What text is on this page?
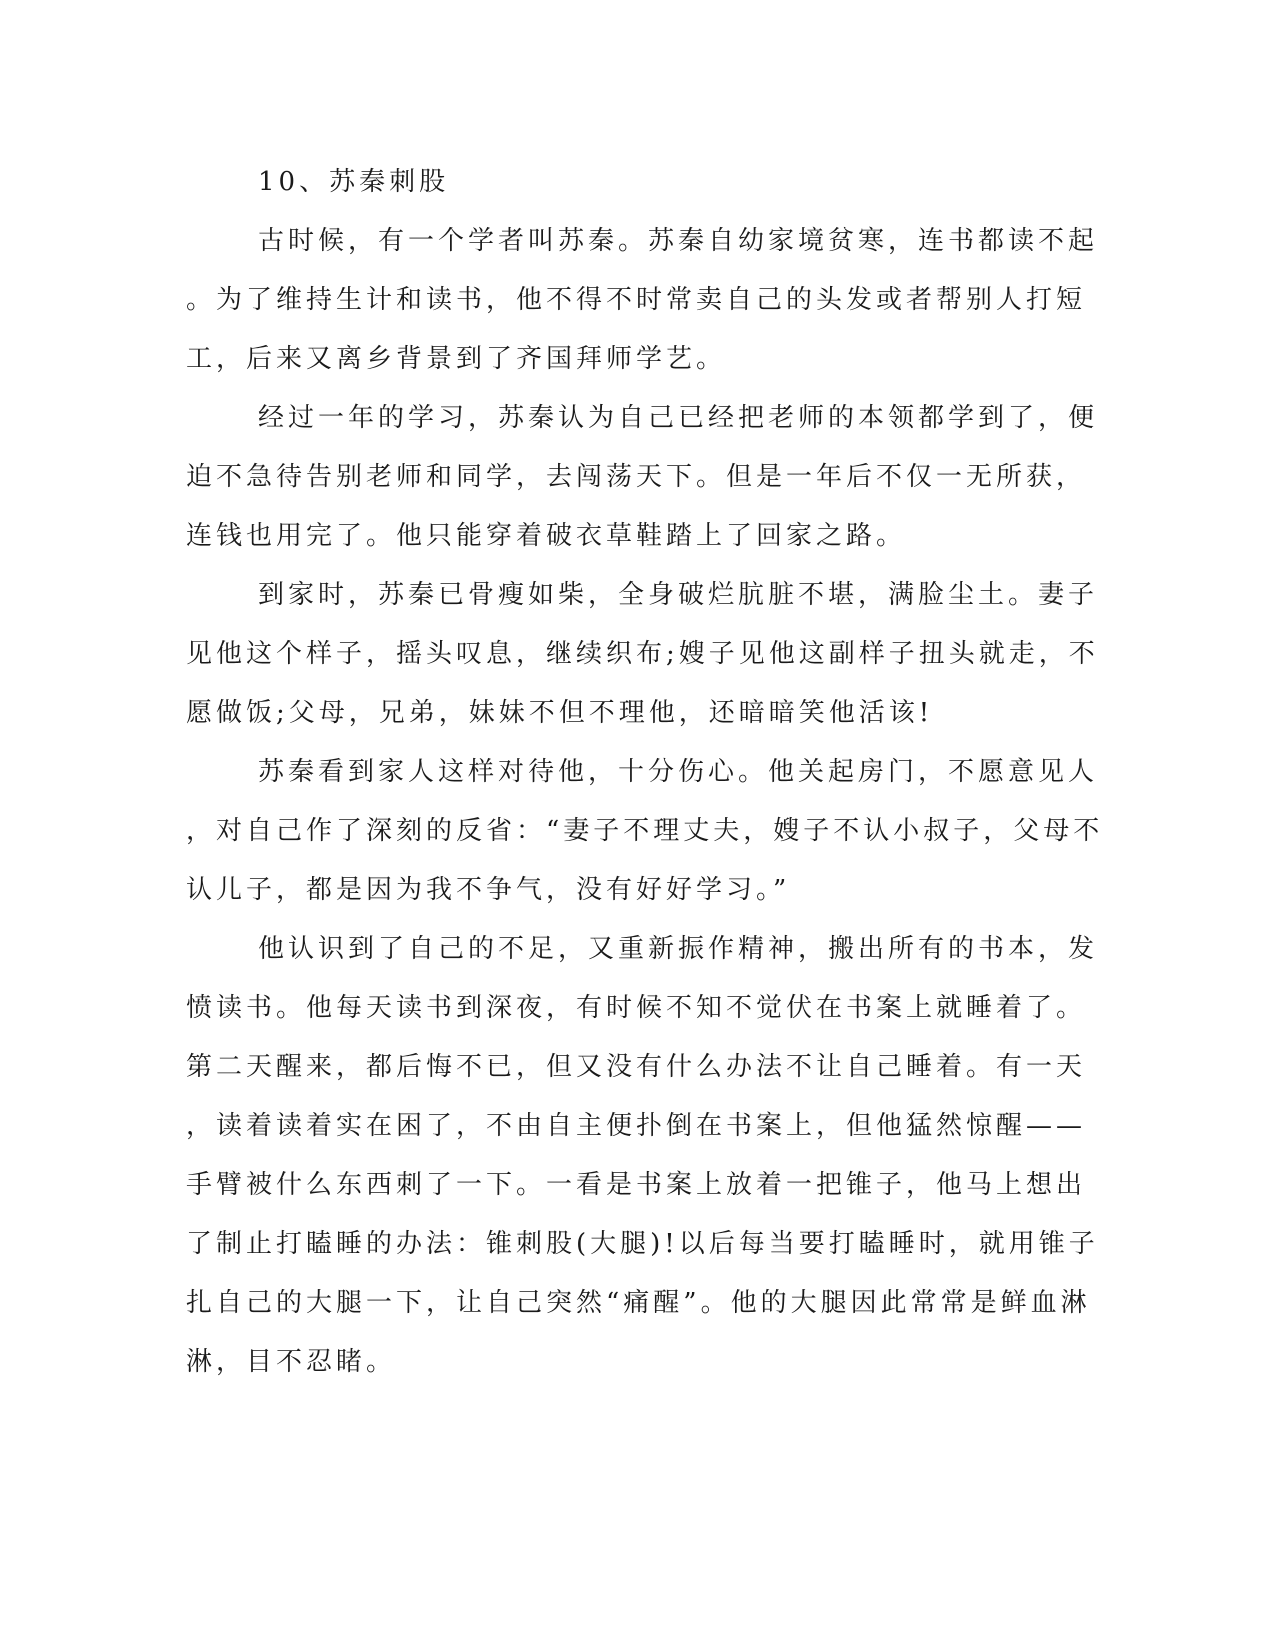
10、苏秦刺股
古时候，有一个学者叫苏秦。苏秦自幼家境贫寒，连书都读不起
。为了维持生计和读书，他不得不时常卖自己的头发或者帮别人打短
工，后来又离乡背景到了齐国拜师学艺。
经过一年的学习，苏秦认为自己已经把老师的本领都学到了，便
迫不急待告别老师和同学，去闯荡天下。但是一年后不仅一无所获，
连钱也用完了。他只能穿着破衣草鞋踏上了回家之路。
到家时，苏秦已骨瘦如柴，全身破烂肮脏不堪，满脸尘土。妻子
见他这个样子，摇头叹息，继续织布;嫂子见他这副样子扭头就走，不
愿做饭;父母，兄弟，妹妹不但不理他，还暗暗笑他活该!
苏秦看到家人这样对待他，十分伤心。他关起房门，不愿意见人
，对自己作了深刻的反省：“妻子不理丈夫，嫂子不认小叔子，父母不
认儿子，都是因为我不争气，没有好好学习。”
他认识到了自己的不足，又重新振作精神，搬出所有的书本，发
愤读书。他每天读书到深夜，有时候不知不觉伏在书案上就睡着了。
第二天醒来，都后悔不已，但又没有什么办法不让自己睡着。有一天
，读着读着实在困了，不由自主便扑倒在书案上，但他猛然惊醒——
手臂被什么东西刺了一下。一看是书案上放着一把锥子，他马上想出
了制止打瞌睡的办法：锥刺股(大腿)!以后每当要打瞌睡时，就用锥子
扎自己的大腿一下，让自己突然“痛醒”。他的大腿因此常常是鲜血淋
淋，目不忍睹。
